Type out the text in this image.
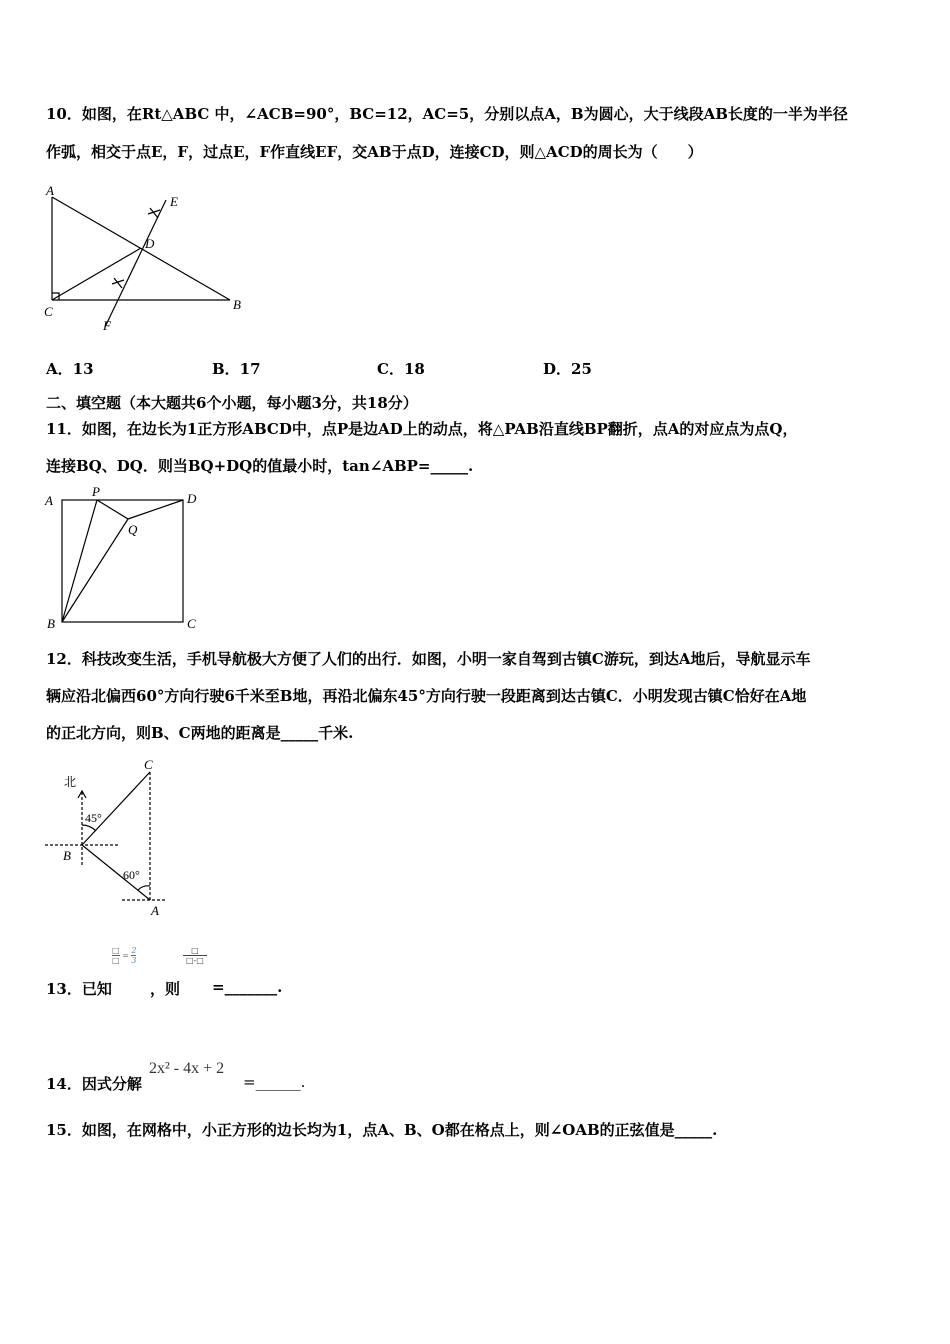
10．如图，在Rt△ABC 中，∠ACB=90°，BC=12，AC=5，分别以点A，B为圆心，大于线段AB长度的一半为半径
作弧，相交于点E，F，过点E，F作直线EF，交AB于点D，连接CD，则△ACD的周长为（　　）
A
C	B
D
E
F
A
P	D
Q
B	C
北
C
45°
B
60°
A
A．13	B．17	C．18	D．25
二、填空题（本大题共6个小题，每小题3分，共18分）
11．如图，在边长为1正方形ABCD中，点P是边AD上的动点，将△PAB沿直线BP翻折，点A的对应点为点Q，
连接BQ、DQ．则当BQ+DQ的值最小时，tan∠ABP=_____.
12．科技改变生活，手机导航极大方便了人们的出行．如图，小明一家自驾到古镇C游玩，到达A地后，导航显示车
辆应沿北偏西60°方向行驶6千米至B地，再沿北偏东45°方向行驶一段距离到达古镇C．小明发现古镇C恰好在A地
的正北方向，则B、C两地的距离是_____千米.
□
□
= $\frac{2}{3}$	□
□-□
13．已知	，则 =_______.
14．因式分解
2x² - 4x + 2
=______.
15．如图，在网格中，小正方形的边长均为1，点A、B、O都在格点上，则∠OAB的正弦值是_____.
